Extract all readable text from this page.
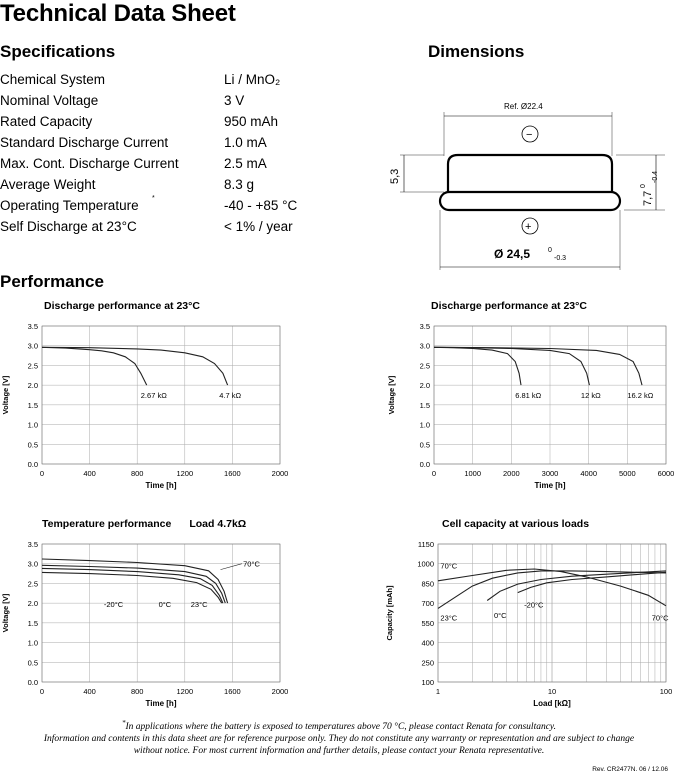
Technical Data Sheet
Specifications	Dimensions
Chemical System	Li / MnO₂
Nominal Voltage	3 V
Rated Capacity	950 mAh
Standard Discharge Current	1.0 mA
Max. Cont. Discharge Current	2.5 mA
Average Weight	8.3 g
Operating Temperature *	-40 - +85 °C
Self Discharge at 23°C	< 1% / year
Ref. Ø22.4
−
5,3
7,7
0
-0.4
+
Ø 24,5	0
-0.3
Performance
Discharge performance at 23°C	Discharge performance at 23°C
Temperature performance Load 4.7kΩ	Cell capacity at various loads
0.0
0.5
1.0
1.5
2.0
2.5
3.0
3.5
0	400	800	1200	1600	2000
Time [h]
Voltage [V]	2.67 kΩ	4.7 kΩ
0.0
0.5
1.0
1.5
2.0
2.5
3.0
3.5
0	1000	2000	3000	4000	5000	6000
Time [h]
Voltage [V]	6.81 kΩ	12 kΩ	16.2 kΩ
0.0
0.5
1.0
1.5
2.0
2.5
3.0
3.5
0	400	800	1200	1600	2000
Time [h]
Voltage [V]
70°C
23°C
0°C
-20°C
100
250
400
550
700
850
1000
1150
1	10	100
Load [kΩ]
Capacity [mAh]
70°C
70°C
23°C	0°C
-20°C
*In applications where the battery is exposed to temperatures above 70 °C, please contact Renata for consultancy.
Information and contents in this data sheet are for reference purpose only. They do not constitute any warranty or representation and are subject to change
without notice. For most current information and further details, please contact your Renata representative.
Rev. CR2477N. 06 / 12.06
